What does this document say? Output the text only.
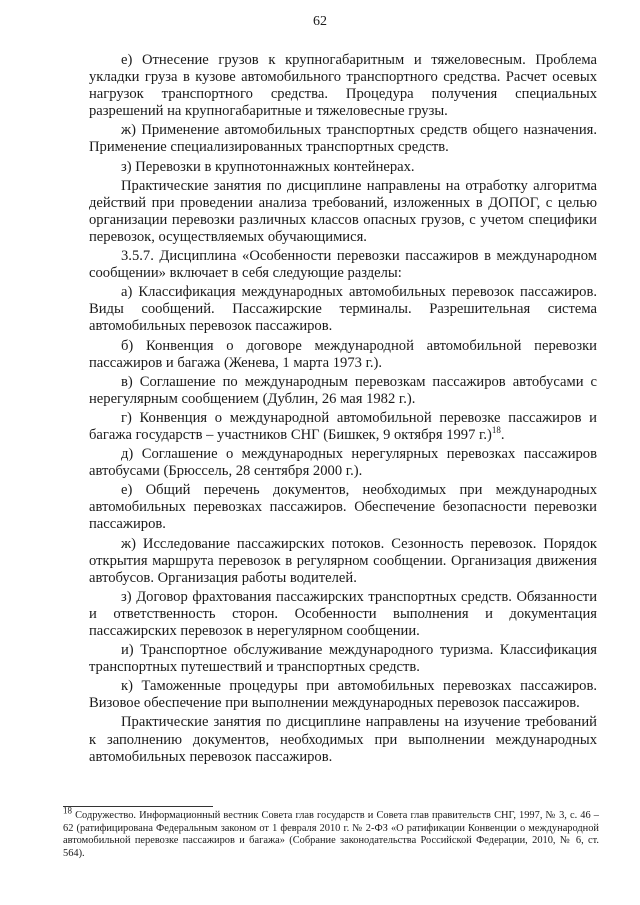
62

е) Отнесение грузов к крупногабаритным и тяжеловесным. Проблема укладки груза в кузове автомобильного транспортного средства. Расчет осевых нагрузок транспортного средства. Процедура получения специальных разрешений на крупногабаритные и тяжеловесные грузы.

ж) Применение автомобильных транспортных средств общего назначения. Применение специализированных транспортных средств.

з) Перевозки в крупнотоннажных контейнерах.

Практические занятия по дисциплине направлены на отработку алгоритма действий при проведении анализа требований, изложенных в ДОПОГ, с целью организации перевозки различных классов опасных грузов, с учетом специфики перевозок, осуществляемых обучающимися.

3.5.7. Дисциплина «Особенности перевозки пассажиров в международном сообщении» включает в себя следующие разделы:

а) Классификация международных автомобильных перевозок пассажиров. Виды сообщений. Пассажирские терминалы. Разрешительная система автомобильных перевозок пассажиров.

б) Конвенция о договоре международной автомобильной перевозки пассажиров и багажа (Женева, 1 марта 1973 г.).

в) Соглашение по международным перевозкам пассажиров автобусами с нерегулярным сообщением (Дублин, 26 мая 1982 г.).

г) Конвенция о международной автомобильной перевозке пассажиров и багажа государств – участников СНГ (Бишкек, 9 октября 1997 г.)$^{18}$.

д) Соглашение о международных нерегулярных перевозках пассажиров автобусами (Брюссель, 28 сентября 2000 г.).

е) Общий перечень документов, необходимых при международных автомобильных перевозках пассажиров. Обеспечение безопасности перевозки пассажиров.

ж) Исследование пассажирских потоков. Сезонность перевозок. Порядок открытия маршрута перевозок в регулярном сообщении. Организация движения автобусов. Организация работы водителей.

з) Договор фрахтования пассажирских транспортных средств. Обязанности и ответственность сторон. Особенности выполнения и документация пассажирских перевозок в нерегулярном сообщении.

и) Транспортное обслуживание международного туризма. Классификация транспортных путешествий и транспортных средств.

к) Таможенные процедуры при автомобильных перевозках пассажиров. Визовое обеспечение при выполнении международных перевозок пассажиров.

Практические занятия по дисциплине направлены на изучение требований к заполнению документов, необходимых при выполнении международных автомобильных перевозок пассажиров.

$^{18}$ Содружество. Информационный вестник Совета глав государств и Совета глав правительств СНГ, 1997, № 3, с. 46 – 62 (ратифицирована Федеральным законом от 1 февраля 2010 г. № 2-ФЗ «О ратификации Конвенции о международной автомобильной перевозке пассажиров и багажа» (Собрание законодательства Российской Федерации, 2010, № 6, ст. 564).
